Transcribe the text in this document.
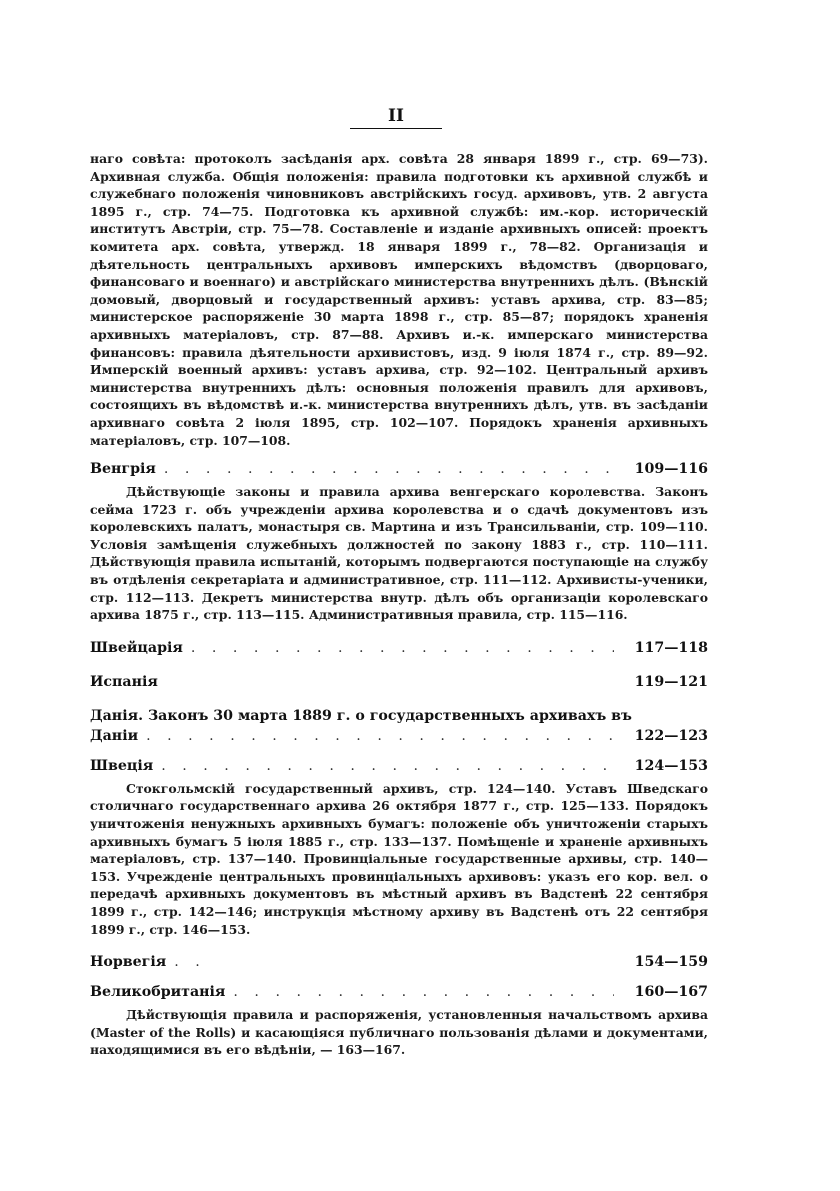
II

наго совѣта: протоколъ засѣданія арх. совѣта 28 января 1899 г., стр. 69—73). Архивная служба. Общія положенія: правила подготовки къ архивной службѣ и служебнаго положенія чиновниковъ австрійскихъ госуд. архивовъ, утв. 2 августа 1895 г., стр. 74—75. Подготовка къ архивной службѣ: им.-кор. историческій институтъ Австріи, стр. 75—78. Составленіе и изданіе архивныхъ описей: проектъ комитета арх. совѣта, утвержд. 18 января 1899 г., 78—82. Организація и дѣятельность центральныхъ архивовъ имперскихъ вѣдомствъ (дворцоваго, финансоваго и военнаго) и австрійскаго министерства внутреннихъ дѣлъ. (Вѣнскій домовый, дворцовый и государственный архивъ: уставъ архива, стр. 83—85; министерское распоряженіе 30 марта 1898 г., стр. 85—87; порядокъ храненія архивныхъ матеріаловъ, стр. 87—88. Архивъ и.-к. имперскаго министерства финансовъ: правила дѣятельности архивистовъ, изд. 9 іюля 1874 г., стр. 89—92. Имперскій военный архивъ: уставъ архива, стр. 92—102. Центральный архивъ министерства внутреннихъ дѣлъ: основныя положенія правилъ для архивовъ, состоящихъ въ вѣдомствѣ и.-к. министерства внутреннихъ дѣлъ, утв. въ засѣданіи архивнаго совѣта 2 іюля 1895, стр. 102—107. Порядокъ храненія архивныхъ матеріаловъ, стр. 107—108.

Венгрія . . .	109—116

Дѣйствующіе законы и правила архива венгерскаго королевства. Законъ сейма 1723 г. объ учрежденіи архива королевства и о сдачѣ документовъ изъ королевскихъ палатъ, монастыря св. Мартина и изъ Трансильваніи, стр. 109—110. Условія замѣщенія служебныхъ должностей по закону 1883 г., стр. 110—111. Дѣйствующія правила испытаній, которымъ подвергаются поступающіе на службу въ отдѣленія секретаріата и административное, стр. 111—112. Архивисты-ученики, стр. 112—113. Декретъ министерства внутр. дѣлъ объ организаціи королевскаго архива 1875 г., стр. 113—115. Административныя правила, стр. 115—116.

Швейцарія . . .	117—118
Испанія	119—121
Данія. Законъ 30 марта 1889 г. о государственныхъ архивахъ въ
Даніи . . .	122—123
Швеція . . .	124—153

Стокгольмскій государственный архивъ, стр. 124—140. Уставъ Шведскаго столичнаго государственнаго архива 26 октября 1877 г., стр. 125—133. Порядокъ уничтоженія ненужныхъ архивныхъ бумагъ: положеніе объ уничтоженіи старыхъ архивныхъ бумагъ 5 іюля 1885 г., стр. 133—137. Помѣщеніе и храненіе архивныхъ матеріаловъ, стр. 137—140. Провинціальные государственные архивы, стр. 140—153. Учрежденіе центральныхъ провинціальныхъ архивовъ: указъ его кор. вел. о передачѣ архивныхъ документовъ въ мѣстный архивъ въ Вадстенѣ 22 сентября 1899 г., стр. 142—146; инструкція мѣстному архиву въ Вадстенѣ отъ 22 сентября 1899 г., стр. 146—153.

Норвегія . . .	154—159
Великобританія . . .	160—167

Дѣйствующія правила и распоряженія, установленныя начальствомъ архива (Master of the Rolls) и касающіяся публичнаго пользованія дѣлами и документами, находящимися въ его вѣдѣніи, — 163—167.
